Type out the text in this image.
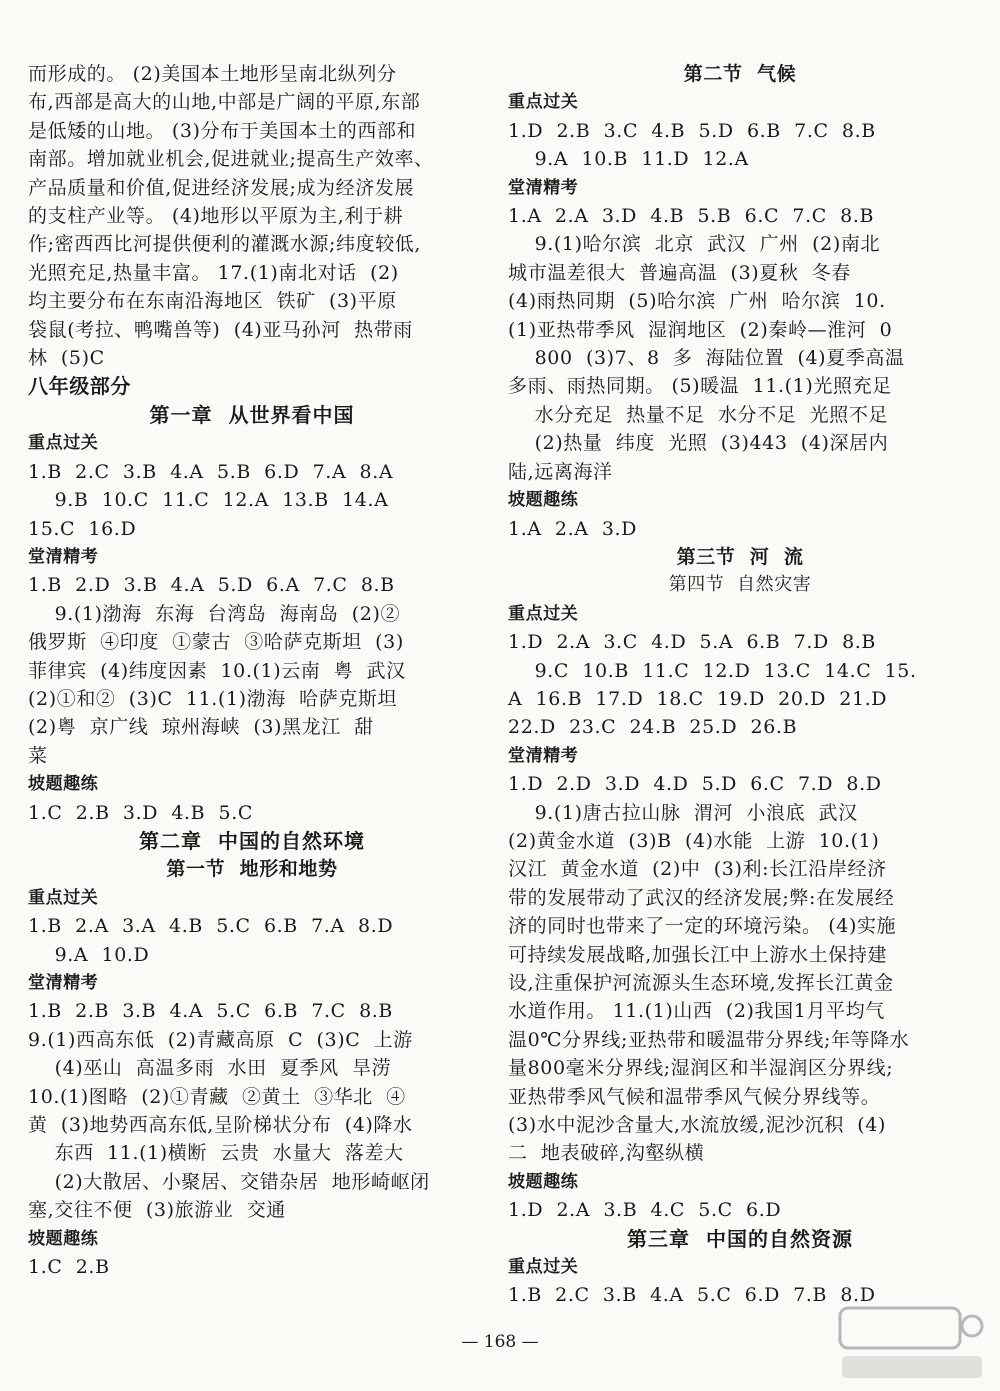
而形成的。 (2)美国本土地形呈南北纵列分

布,西部是高大的山地,中部是广阔的平原,东部

是低矮的山地。 (3)分布于美国本土的西部和

南部。增加就业机会,促进就业;提高生产效率、

产品质量和价值,促进经济发展;成为经济发展

的支柱产业等。 (4)地形以平原为主,利于耕

作;密西西比河提供便利的灌溉水源;纬度较低,

光照充足,热量丰富。 17.(1)南北对话  (2)

均主要分布在东南沿海地区  铁矿  (3)平原

袋鼠(考拉、鸭嘴兽等)  (4)亚马孙河  热带雨

林  (5)C

八年级部分

第一章  从世界看中国

重点过关

1.B  2.C  3.B  4.A  5.B  6.D  7.A  8.A

9.B  10.C  11.C  12.A  13.B  14.A

15.C  16.D

堂清精考

1.B  2.D  3.B  4.A  5.D  6.A  7.C  8.B

9.(1)渤海  东海  台湾岛  海南岛  (2)②

俄罗斯  ④印度  ①蒙古  ③哈萨克斯坦  (3)

菲律宾  (4)纬度因素  10.(1)云南  粤  武汉

(2)①和②  (3)C  11.(1)渤海  哈萨克斯坦

(2)粤  京广线  琼州海峡  (3)黑龙江  甜

菜

坡题趣练

1.C  2.B  3.D  4.B  5.C

第二章  中国的自然环境

第一节  地形和地势

重点过关

1.B  2.A  3.A  4.B  5.C  6.B  7.A  8.D

9.A  10.D

堂清精考

1.B  2.B  3.B  4.A  5.C  6.B  7.C  8.B

9.(1)西高东低  (2)青藏高原  C  (3)C  上游

(4)巫山  高温多雨  水田  夏季风  旱涝

10.(1)图略  (2)①青藏  ②黄土  ③华北  ④

黄  (3)地势西高东低,呈阶梯状分布  (4)降水

东西  11.(1)横断  云贵  水量大  落差大

(2)大散居、小聚居、交错杂居  地形崎岖闭

塞,交往不便  (3)旅游业  交通

坡题趣练

1.C  2.B

第二节  气候

重点过关

1.D  2.B  3.C  4.B  5.D  6.B  7.C  8.B

9.A  10.B  11.D  12.A

堂清精考

1.A  2.A  3.D  4.B  5.B  6.C  7.C  8.B

9.(1)哈尔滨  北京  武汉  广州  (2)南北

城市温差很大  普遍高温  (3)夏秋  冬春

(4)雨热同期  (5)哈尔滨  广州  哈尔滨  10.

(1)亚热带季风  湿润地区  (2)秦岭—淮河  0

800  (3)7、8  多  海陆位置  (4)夏季高温

多雨、雨热同期。 (5)暖温  11.(1)光照充足

水分充足  热量不足  水分不足  光照不足

(2)热量  纬度  光照  (3)443  (4)深居内

陆,远离海洋

坡题趣练

1.A  2.A  3.D

第三节  河  流

第四节  自然灾害

重点过关

1.D  2.A  3.C  4.D  5.A  6.B  7.D  8.B

9.C  10.B  11.C  12.D  13.C  14.C  15.

A  16.B  17.D  18.C  19.D  20.D  21.D

22.D  23.C  24.B  25.D  26.B

堂清精考

1.D  2.D  3.D  4.D  5.D  6.C  7.D  8.D

9.(1)唐古拉山脉  渭河  小浪底  武汉

(2)黄金水道  (3)B  (4)水能  上游  10.(1)

汉江  黄金水道  (2)中  (3)利:长江沿岸经济

带的发展带动了武汉的经济发展;弊:在发展经

济的同时也带来了一定的环境污染。 (4)实施

可持续发展战略,加强长江中上游水土保持建

设,注重保护河流源头生态环境,发挥长江黄金

水道作用。 11.(1)山西  (2)我国1月平均气

温0℃分界线;亚热带和暖温带分界线;年等降水

量800毫米分界线;湿润区和半湿润区分界线;

亚热带季风气候和温带季风气候分界线等。

(3)水中泥沙含量大,水流放缓,泥沙沉积  (4)

二  地表破碎,沟壑纵横

坡题趣练

1.D  2.A  3.B  4.C  5.C  6.D

第三章  中国的自然资源

重点过关

1.B  2.C  3.B  4.A  5.C  6.D  7.B  8.D

— 168 —
